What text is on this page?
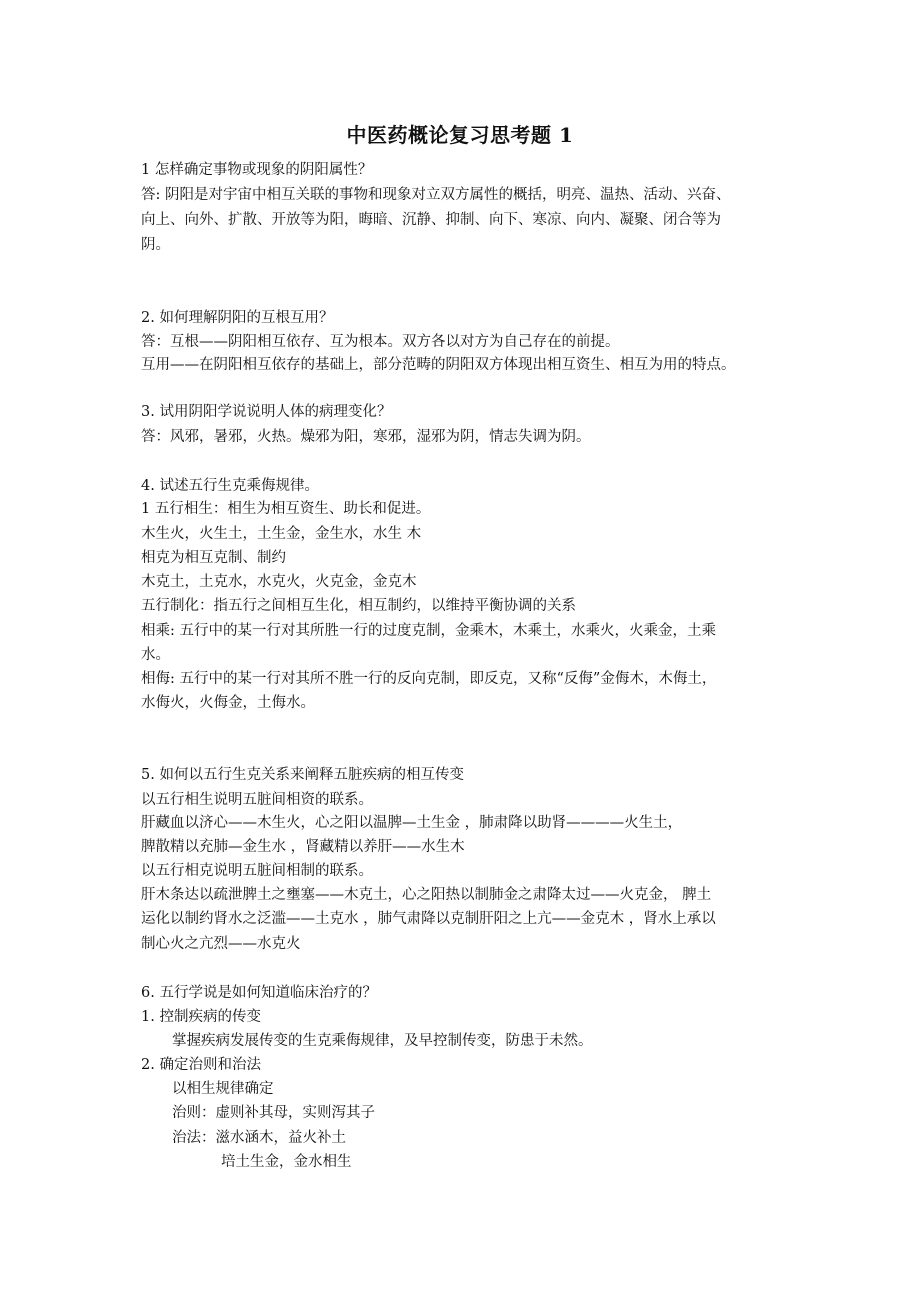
中医药概论复习思考题 1
1 怎样确定事物或现象的阴阳属性？
答: 阴阳是对宇宙中相互关联的事物和现象对立双方属性的概括，明亮、温热、活动、兴奋、
向上、向外、扩散、开放等为阳，晦暗、沉静、抑制、向下、寒凉、向内、凝聚、闭合等为
阴。
2. 如何理解阴阳的互根互用？
答：互根——阴阳相互依存、互为根本。双方各以对方为自己存在的前提。
互用——在阴阳相互依存的基础上，部分范畴的阴阳双方体现出相互资生、相互为用的特点。
3. 试用阴阳学说说明人体的病理变化？
答：风邪，暑邪，火热。燥邪为阳，寒邪，湿邪为阴，情志失调为阴。
4. 试述五行生克乘侮规律。
1 五行相生：相生为相互资生、助长和促进。
木生火，火生土，土生金，金生水，水生 木
相克为相互克制、制约
木克土，土克水，水克火，火克金，金克木
五行制化：指五行之间相互生化，相互制约，以维持平衡协调的关系
相乘: 五行中的某一行对其所胜一行的过度克制，金乘木，木乘土，水乘火，火乘金，土乘
水。
相侮: 五行中的某一行对其所不胜一行的反向克制，即反克，又称“反侮”金侮木，木侮土，
水侮火，火侮金，土侮水。
5. 如何以五行生克关系来阐释五脏疾病的相互传变
以五行相生说明五脏间相资的联系。
肝藏血以济心——木生火，心之阳以温脾—土生金 ，肺肃降以助肾————火生土，
脾散精以充肺—金生水 ，肾藏精以养肝——水生木
以五行相克说明五脏间相制的联系。
肝木条达以疏泄脾土之壅塞——木克土，心之阳热以制肺金之肃降太过——火克金， 脾土
运化以制约肾水之泛滥——土克水 ，肺气肃降以克制肝阳之上亢——金克木 ，肾水上承以
制心火之亢烈——水克火
6. 五行学说是如何知道临床治疗的？
1. 控制疾病的传变
掌握疾病发展传变的生克乘侮规律，及早控制传变，防患于未然。
2. 确定治则和治法
以相生规律确定
治则：虚则补其母，实则泻其子
治法：滋水涵木，益火补土
培土生金，金水相生
